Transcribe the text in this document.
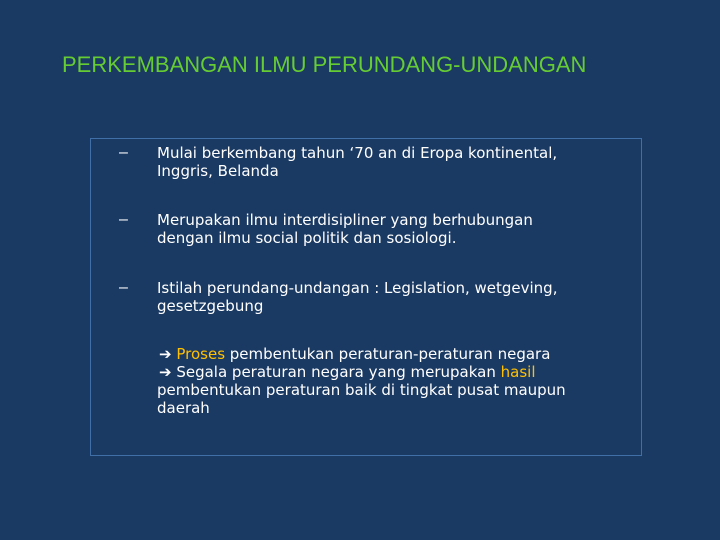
PERKEMBANGAN ILMU PERUNDANG-UNDANGAN
– Mulai berkembang tahun ‘70 an di Eropa kontinental,
Inggris, Belanda
– Merupakan ilmu interdisipliner yang berhubungan
dengan ilmu social politik dan sosiologi.
– Istilah perundang-undangan : Legislation, wetgeving,
gesetzgebung
➔ Proses pembentukan peraturan-peraturan negara
➔ Segala peraturan negara yang merupakan hasil
pembentukan peraturan baik di tingkat pusat maupun
daerah
